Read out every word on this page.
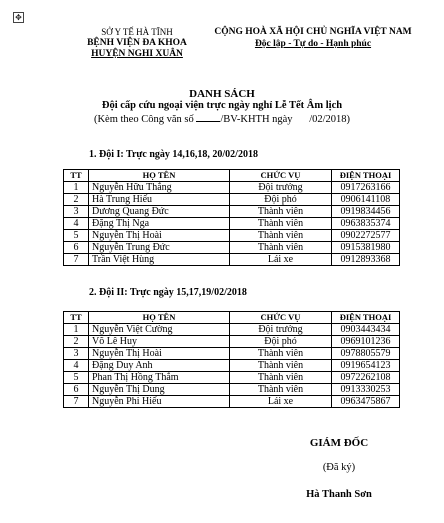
✥
SỞ Y TẾ HÀ TĨNH
BỆNH VIỆN ĐA KHOA
HUYỆN NGHI XUÂN
CỘNG HOÀ XÃ HỘI CHỦ NGHĨA VIỆT NAM
Độc lập - Tự do - Hạnh phúc
DANH SÁCH
Đội cấp cứu ngoại viện trực ngày nghỉ Lễ Tết Âm lịch
(Kèm theo Công văn số	/BV-KHTH ngày /02/2018)
1. Đội I: Trực ngày 14,16,18, 20/02/2018
TT	HỌ TÊN	CHỨC VỤ	ĐIỆN THOẠI
1	Nguyễn Hữu Thắng	Đội trưởng	0917263166
2	Hà Trung Hiếu	Đội phó	0906141108
3	Dương Quang Đức	Thành viên	0919834456
4	Đặng Thị Nga	Thành viên	0963835374
5	Nguyễn Thị Hoài	Thành viên	0902272577
6	Nguyễn Trung Đức	Thành viên	0915381980
7	Trần Việt Hùng	Lái xe	0912893368
2. Đội II: Trực ngày 15,17,19/02/2018
TT	HỌ TÊN	CHỨC VỤ	ĐIỆN THOẠI
1	Nguyễn Việt Cường	Đội trưởng	0903443434
2	Võ Lê Huy	Đội phó	0969101236
3	Nguyễn Thị Hoài	Thành viên	0978805579
4	Đặng Duy Anh	Thành viên	0919654123
5	Phan Thị Hồng Thắm	Thành viên	0972262108
6	Nguyễn Thị Dung	Thành viên	0913330253
7	Nguyễn Phi Hiếu	Lái xe	0963475867
GIÁM ĐỐC
(Đã ký)
Hà Thanh Sơn
